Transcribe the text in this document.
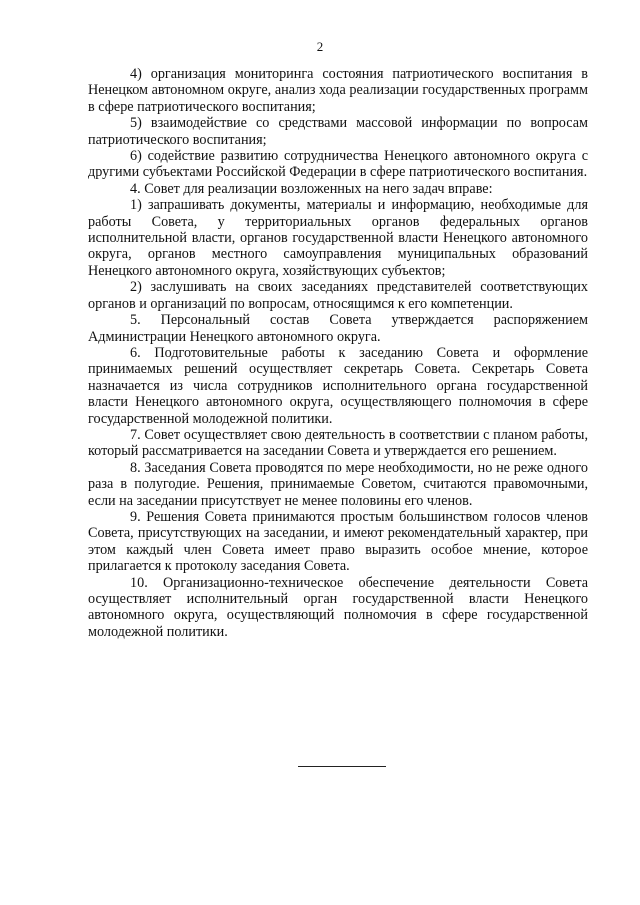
2

4) организация мониторинга состояния патриотического воспитания в Ненецком автономном округе, анализ хода реализации государственных программ в сфере патриотического воспитания;

5) взаимодействие со средствами массовой информации по вопросам патриотического воспитания;

6) содействие развитию сотрудничества Ненецкого автономного округа с другими субъектами Российской Федерации в сфере патриотического воспитания.

4. Совет для реализации возложенных на него задач вправе:

1) запрашивать документы, материалы и информацию, необходимые для работы Совета, у территориальных органов федеральных органов исполнительной власти, органов государственной власти Ненецкого автономного округа, органов местного самоуправления муниципальных образований Ненецкого автономного округа, хозяйствующих субъектов;

2) заслушивать на своих заседаниях представителей соответствующих органов и организаций по вопросам, относящимся к его компетенции.

5. Персональный состав Совета утверждается распоряжением Администрации Ненецкого автономного округа.

6. Подготовительные работы к заседанию Совета и оформление принимаемых решений осуществляет секретарь Совета. Секретарь Совета назначается из числа сотрудников исполнительного органа государственной власти Ненецкого автономного округа, осуществляющего полномочия в сфере государственной молодежной политики.

7. Совет осуществляет свою деятельность в соответствии с планом работы, который рассматривается на заседании Совета и утверждается его решением.

8. Заседания Совета проводятся по мере необходимости, но не реже одного раза в полугодие. Решения, принимаемые Советом, считаются правомочными, если на заседании присутствует не менее половины его членов.

9. Решения Совета принимаются простым большинством голосов членов Совета, присутствующих на заседании, и имеют рекомендательный характер, при этом каждый член Совета имеет право выразить особое мнение, которое прилагается к протоколу заседания Совета.

10. Организационно-техническое обеспечение деятельности Совета осуществляет исполнительный орган государственной власти Ненецкого автономного округа, осуществляющий полномочия в сфере государственной молодежной политики.
